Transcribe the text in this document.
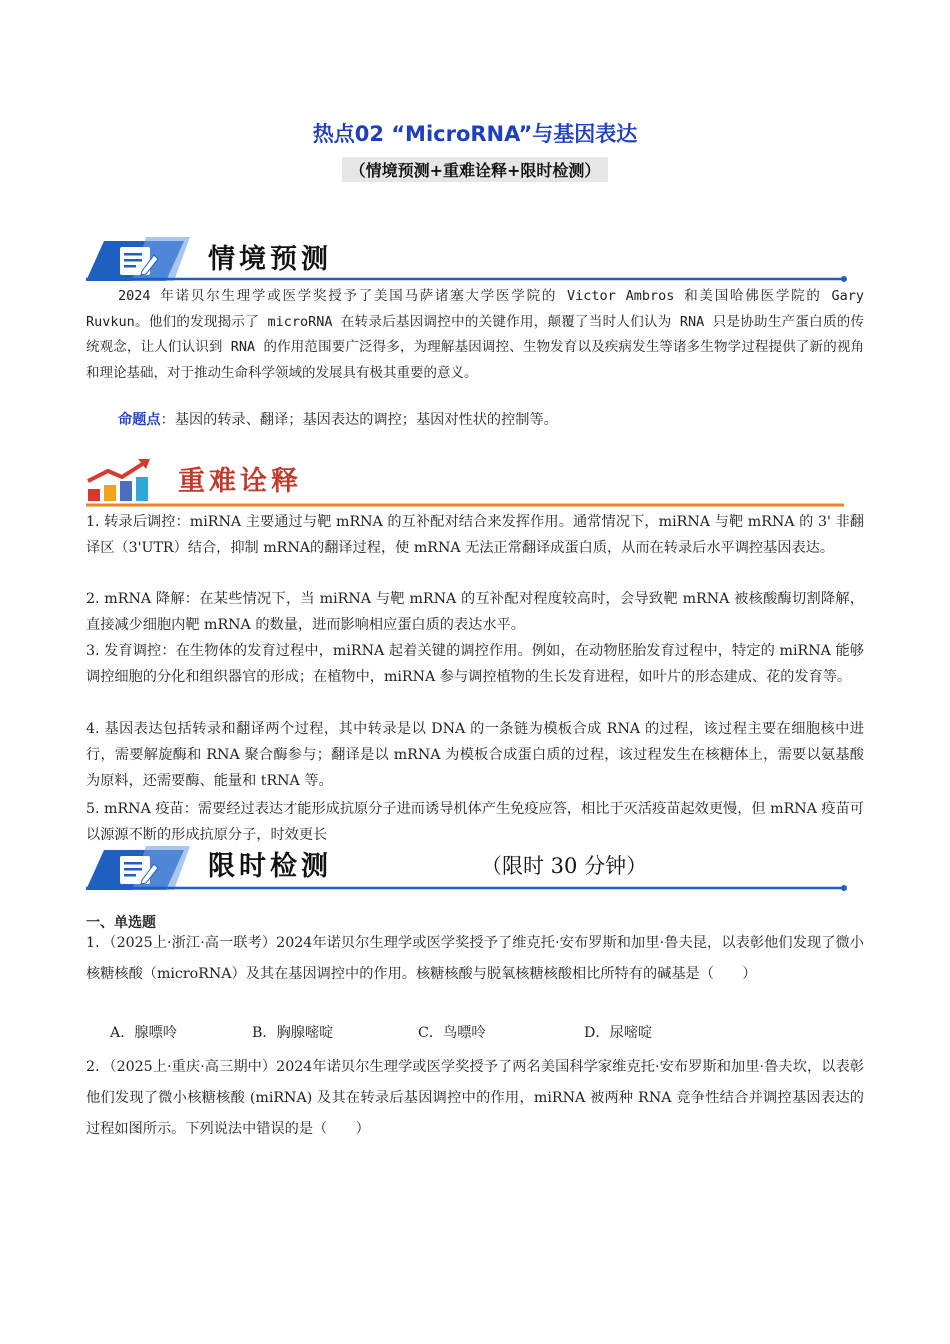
热点02 “MicroRNA”与基因表达
（情境预测+重难诠释+限时检测）
情境预测

2024 年诺贝尔生理学或医学奖授予了美国马萨诸塞大学医学院的 Victor Ambros 和美国哈佛医学院的 Gary Ruvkun。他们的发现揭示了 microRNA 在转录后基因调控中的关键作用，颠覆了当时人们认为 RNA 只是协助生产蛋白质的传统观念，让人们认识到 RNA 的作用范围要广泛得多，为理解基因调控、生物发育以及疾病发生等诸多生物学过程提供了新的视角和理论基础，对于推动生命科学领域的发展具有极其重要的意义。

命题点：基因的转录、翻译；基因表达的调控；基因对性状的控制等。

重难诠释

1. 转录后调控：miRNA 主要通过与靶 mRNA 的互补配对结合来发挥作用。通常情况下，miRNA 与靶 mRNA 的 3' 非翻译区（3'UTR）结合，抑制 mRNA的翻译过程，使 mRNA 无法正常翻译成蛋白质，从而在转录后水平调控基因表达。

2. mRNA 降解：在某些情况下，当 miRNA 与靶 mRNA 的互补配对程度较高时，会导致靶 mRNA 被核酸酶切割降解，直接减少细胞内靶 mRNA 的数量，进而影响相应蛋白质的表达水平。

3. 发育调控：在生物体的发育过程中，miRNA 起着关键的调控作用。例如，在动物胚胎发育过程中，特定的 miRNA 能够调控细胞的分化和组织器官的形成；在植物中，miRNA 参与调控植物的生长发育进程，如叶片的形态建成、花的发育等。

4. 基因表达包括转录和翻译两个过程，其中转录是以 DNA 的一条链为模板合成 RNA 的过程，该过程主要在细胞核中进行，需要解旋酶和 RNA 聚合酶参与；翻译是以 mRNA 为模板合成蛋白质的过程，该过程发生在核糖体上，需要以氨基酸为原料，还需要酶、能量和 tRNA 等。

5. mRNA 疫苗：需要经过表达才能形成抗原分子进而诱导机体产生免疫应答，相比于灭活疫苗起效更慢，但 mRNA 疫苗可以源源不断的形成抗原分子，时效更长

限时检测	（限时 30 分钟）
一、单选题

1．（2025上·浙江·高一联考）2024年诺贝尔生理学或医学奖授予了维克托·安布罗斯和加里·鲁夫昆，以表彰他们发现了微小核糖核酸（microRNA）及其在基因调控中的作用。核糖核酸与脱氧核糖核酸相比所特有的碱基是（　　）

A．腺嘌呤	B．胸腺嘧啶	C．鸟嘌呤	D．尿嘧啶

2．（2025上·重庆·高三期中）2024年诺贝尔生理学或医学奖授予了两名美国科学家维克托·安布罗斯和加里·鲁夫坎，以表彰他们发现了微小核糖核酸 (miRNA) 及其在转录后基因调控中的作用，miRNA 被两种 RNA 竞争性结合并调控基因表达的过程如图所示。下列说法中错误的是（　　）
